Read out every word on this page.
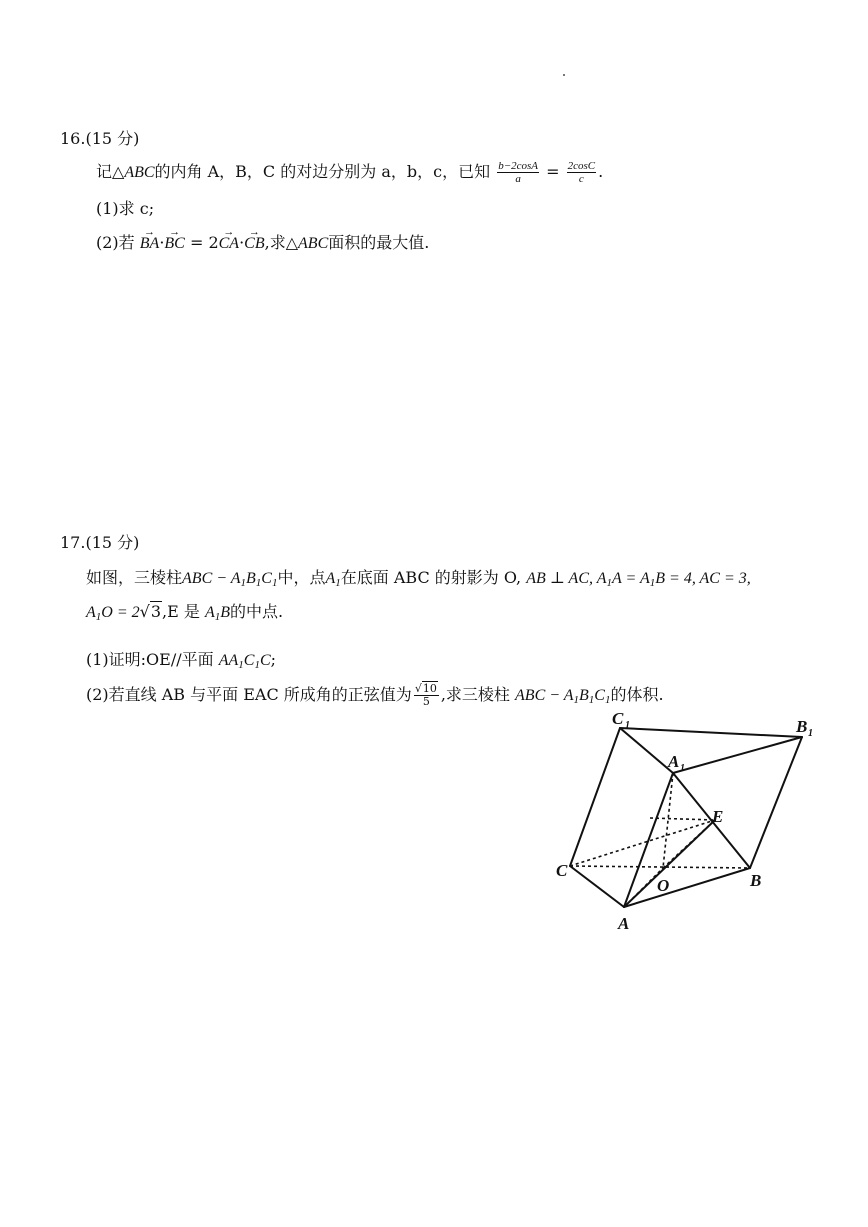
16.(15 分)
记△ABC的内角 A，B，C 的对边分别为 a，b，c，已知 $\frac{b-2\cos A}{a} = \frac{2\cos C}{c}$ .
(1)求 c;
(2)若 → BA·→ BC = 2→ CA·→ CB,求△ABC面积的最大值.
17.(15 分)
如图，三棱柱ABC − $A_1B_1C_1$中，点$A_1$在底面 ABC 的射影为 O, AB ⊥ AC, $A_1A = A_1B = 4$, AC = 3,
$A_1O = 2√3,E$ 是 $A_1B$的中点.
(1)证明:OE//平面 $AA_1C_1C$;
(2)若直线 AB 与平面 EAC 所成角的正弦值为 $\frac{√10}{5}$ ,求三棱柱 ABC − $A_1B_1C_1$的体积.
C 1	B 1
A 1
E
C
O	B
A
